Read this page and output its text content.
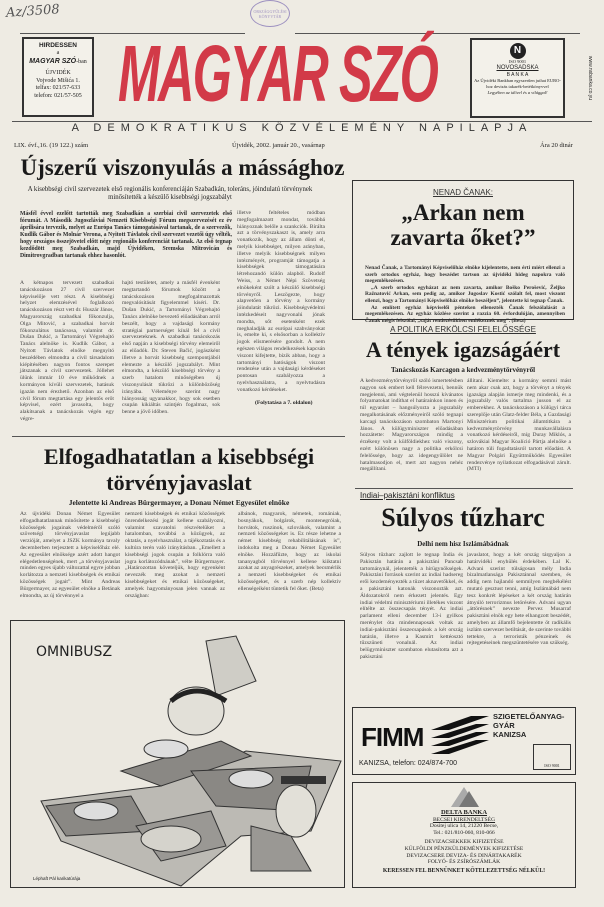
Az/3508	ORSZÁGGYŰLÉSI KÖNYVTÁR
HIRDESSEN
a
MAGYAR SZÓ-ban
ÚJVIDÉK
Vojvode Mišića 1.
telfax: 021/57-633
telefon: 021/57-505 MAGYAR SZÓ	N
ISO 9001
NOVOSADSKA
B A N K A
Az Újvidéki Bankban egyszerűen juthat EURO-hoz devizás takarék-betétkönyvvel
Legyében az idővel és a világgal!	www.nsbanka.co.yu
A DEMOKRATIKUS KÖZVÉLEMÉNY NAPILAPJA
LIX. évf.,16. (19 122.) szám	Újvidék, 2002. január 20., vasárnap	Ára 20 dinár
Újszerű viszonyulás a mássághoz
A kisebbségi civil szervezetek első regionális konferenciáján Szabadkán, toleráns, jóindulatú törvénynek minősítették a készülő kisebbségi jogszabályt
Másfél évvel ezelőtt tartották meg Szabadkán a szerbiai civil szervezetek első fórumát. A Második Jugoszláviai Nemzeti Kisebbségi Fórum megszervezését ez év áprilisára tervezik, melyet az Európa Tanács támogatásával tartanak, de a szervezők, Kudlik Gábor és Molnár Verona, a Nyitott Távlatok civil szervezet vezetői úgy vélték, hogy országos összejövetel előtt négy regionális konferenciát tartanak. Az első tegnap kezdődött meg Szabadkán, majd Újvidéken, Sremska Mitrovicán és Dimitrovgradban tartanak ehhez hasonlót.
A kétnapos tervezett szabadkai tanácskozáson 27 civil szervezet képviselője vett részt. A kisebbségi helyzet elemzésével foglalkozó tanácskozáson részt vett dr. Huszár János, Magyarország szabadkai főkonzulja, Olga Mitović, a szabadkai horvát főkonzulátus tanácsosa, valamint dr. Dušan Dukić, a Tartományi Végrehajtó Tanács alelnöke is. Kudlik Gábor, a Nyitott Távlatok elnöke megnyitó beszédében elmondta a civil társadalom kiépítésében nagyon fontos szerepet játszanak a civil szervezetek. Jóllehet ülünk immár 10 éve működnek a kormányon kívüli szervezetek, hatásuk igazán nem érezhető. Azonban az első civil fórum megtartása egy jelentős erőt képvisel, ezért javasolta, hogy alakítsanak a tanácskozás végén egy végre-
hajtó testületet, amely a másfél évenként megtartandó fórumok között a tanácskozáson megfogalmazottak megvalósítását figyelemmel kíséri. Dr. Dušan Dukić, a Tartományi Végrehajtó Tanács alelnöke bevezető előadásában arról beszélt, hogy a vajdasági kormány stratégiai partnerséget kínál fel a civil szervezeteknek. A szabadkai tanácskozás első napján a kisebbségi törvény elemeiről az előadók. Dr. Steven Bačić, jogászként illetve a horvát kisebbség szempontjából elemezte a készülő jogszabályt. Mint elmondta, a készülő kisebbségi törvény a szerb hatalom minőségében új viszonyulását tükrözi a különbözőség irányába. Véleménye szerint nagy hiányosság ugyanakkor, hogy sok esetben csupán kikiáltás szintjén fogalmaz, sok benne a jövő időben.
illetve feltételes módban megfogalmazott mondat, továbbá hiányoznak belőle a szankciók. Bírálta azt a törvényszakaszt is, amely arra vonatkozik, hogy az állam dönti el, melyik kisebbséget, milyen arányban, illetve melyik kisebbségnek milyen intézményét, programját támogatja a kisebbségek támogatására létrehozandó külön alapból. Rudolf Weiss, a Német Népi Szövetség elnökeként szólt a készülő kisebbségi törvényről. Leszögezte, hogy alapvetően a törvény a kormány jóindulatát tükrözi. Kisebbségvédelmi intézkedéseit nagyvonalú jónak mondta, sőt esetenként ezek meghaladják az európai szabványokat is, emelte ki, s elsősorban a kollektív jogok elismerésére gondolt. A nem egészen világos rendelkezések kapcsán viszont kifejtette, bízik abban, hogy a tartományi hatóságok viszont rendezése után a vajdasági kérdéseket pontosan szabályozza a nyelvhasználatra, a nyelvtudásra vonatkozó kérdéseket.
(Folytatása a 7. oldalon)
Elfogadhatatlan a kisebbségi törvényjavaslat
Jelentette ki Andreas Bürgermayer, a Donau Német Egyesület elnöke
Az újvidéki Donau Német Egyesület elfogadhatatlannak minősítette a kisebbségi közösségek jogainak védelméről szóló szövetségi törvényjavaslat legújabb verzióját, amelyet a JSZK kormánya tavaly decemberben terjesztett a képviselőház elé. Az egyesület elnöksége azért adott hangot elégedetlenségének, mert „a törvényjavaslat minden egyes újabb változattal egyre jobban korlátozza a nemzeti kisebbségek és etnikai közösségek jogait”. Mint Andreas Bürgermayer, az egyesület elnöke a Betának elmondta, az új törvénnyel a
nemzeti kisebbségek és etnikai közösségek önrendelkezési jogát kellene szabályozni, valamint szavatolni részvételüket a hatalomban, továbbá a közügyek, az oktatás, a nyelvhasználat, a tájékoztatás és a kultúra terén való irányításban. „Emellett a kisebbségi jogok csupán a folklórra való jogra korlátozódnának”, vélte Bürgermayer. „Határozottan követeljük, hogy egyenként nevezzék meg azokat a nemzeti kisebbségeket és etnikai közösségeket, amelyek hagyományosan jelen vannak az országban:
albánok, magyarok, németek, romániak, bosnyákok, bolgárok, montenegróiak, horvátok, ruszinok, szlovákok, valamint a nemzeti közösségeket is. Ez része lehetne a német kisebbség rehabilitálásának is”, indokolta meg a Donau Német Egyesület elnöke. Hozzáfűzte, hogy az iskolai tananyagból törvénnyel kellene kiiktatni azokat az anyagrészeket, amelyek becsmérlik a nemzeti kisebbségeket és etnikai közösségeket, és a szerb nép kollektív ellenségeiként tüntetik fel őket. (Beta)
OMNIBUSZ
Léphaft Pál karikatúrája
NENAD ČANAK:
„Arkan nem zavarta őket?”

Nenad Čanak, a Tartományi Képviselőház elnöke kijelentette, nem érti miért ellenzi a szerb ortodox egyház, hogy beszédet tartson az újvidéki hideg napokra való megemlékezésen.

„A szerb ortodox egyházat az nem zavarta, amikor Boško Perošević, Željko Ražnatović Arkan, sem pedig az, amikor Jugoslav Kostić szólalt fel, most viszont ellenzi, hogy a Tartományi Képviselőház elnöke beszéljen”, jelentette ki tegnap Čanak.

Az említett egyház képviselői pénteken ellenezték Čanak felszólalását a megemlékezésen. Az egyház közlése szerint a razzia 60. évfordulóján, amennyiben Čanak mégis felszólal, „saját rendezésükben emlékeznek meg”. (Beta)

A POLITIKA ERKÖLCSI FELELŐSSÉGE
A tények igazságáért
Tanácskozás Karcagon a kedvezménytörvényről
A kedvezménytörvényről szóló ismertetésben nagyon sok embert kell félrevezetni, bennük megjelenni, ami végtelenül hosszú kívánatos folyamatokat indíthat el határainkon innen és túl egyaránt – hangsúlyozta a jogszabály megalkotásának előzményeiről szóló tegnapi karcagi tanácskozáson szombaton Martonyi János. A külügyminiszter előadásában hozzátette: Magyarországon mindig a érzékeny volt a külföldiekhez való viszony, ezért különösen nagy a politika erkölcsi felelőssége, hogy az idegengyűlölet ne hatalmasodjon el, mert azt nagyon nehéz megállítani.
állítani. Kiemelte: a kormány semmi mást nem akar csak azt, hogy a törvényt a tények igazsága alapján ismerje meg mindenki, és a jogszabály valós tartalma jusson el az emberekhez. A tanácskozáson a külügyi tárca szereplője után Glatz-felder Béla, a Gazdasági Minisztérium politikai államtitkára a kedvezménytörvény munkavállalásra vonatkozó kérdéseiről, míg Duray Miklós, a szlovákiai Magyar Koalíció Pártja alelnöke a határon túli fogadtatásról tartott előadást. A Magyar Polgári Együttműködés Egyesület rendezvénye nyilatkozat elfogadásával zárult. (MTI)
Indiai–pakisztáni konfliktus
Súlyos tűzharc
Delhi nem hisz Iszlámábádnak
Súlyos tűzharc zajlott le tegnap India és Pakisztán határán a pakisztáni Pancsab tartománynál, jelentették a hírügynökségek. Pakisztáni források szerint az indiai hadsereg erői kezdeményezték a tüzet aknavetőkkel, és a pakisztáni katonák viszonozták azt. Áldozatokról nem érkezett jelentés. Egy indiai védelmi minisztériumi illetékes viszont elítélte az összecsapás tényét. Az indiai parlament elleni december 13-i gyilkos merénylet óta mindennaposak voltak az indiai-pakisztáni összecsapások a két ország határán, illetve a Kasmírt kettéosztó tűzszüneti vonalnál. Az indiai belügyminiszter szombaton elutasította azt a pakisztáni
javaslatot, hogy a két ország tárgyaljon a határvidéki enyhülés érdekében. Lal K. Advani szerint túlságosan mély India bizalmatlansága Pakisztánnal szemben, és addig nem hajlandó semmilyen megbékélést mutató gesztust tenni, amíg Iszlámábád nem tesz konkrét lépéseket a két ország határán átnyúló terrorizmus letörésére. Advani ugyan „áttörésnek” nevezte Pervez Musarraf pakisztáni elnök egy hete elhangzott beszédét, amelyben az államfő bejelentette öt radikális iszlám szervezet betiltását, de szerinte további tettekre, a terroristák pénzeinek és rejtegetéseinek megszüntetésére van szükség.
FIMM
SZIGETELŐANYAG-
GYÁR
KANIZSA
ISO 9001
KANIZSA, telefon: 024/874-700
DELTA BANKA
BECSEI KIRENDELTSÉG
Dositej ulica 14, 21220 Becse,
Tel.: 021/810-060, 810-066
DEVIZACSEKKEK KIFIZETÉSE
KÜLFÖLDI PÉNZKÜLDEMÉNYEK KIFIZETÉSE
DEVIZACSERE DEVIZA- ÉS DINÁRTAKARÉK
FOLYÓ- ÉS ZSÍRÓSZÁMLÁK
KERESSEN FEL BENNÜNKET KÖTELEZETTSÉG NÉLKÜL!
